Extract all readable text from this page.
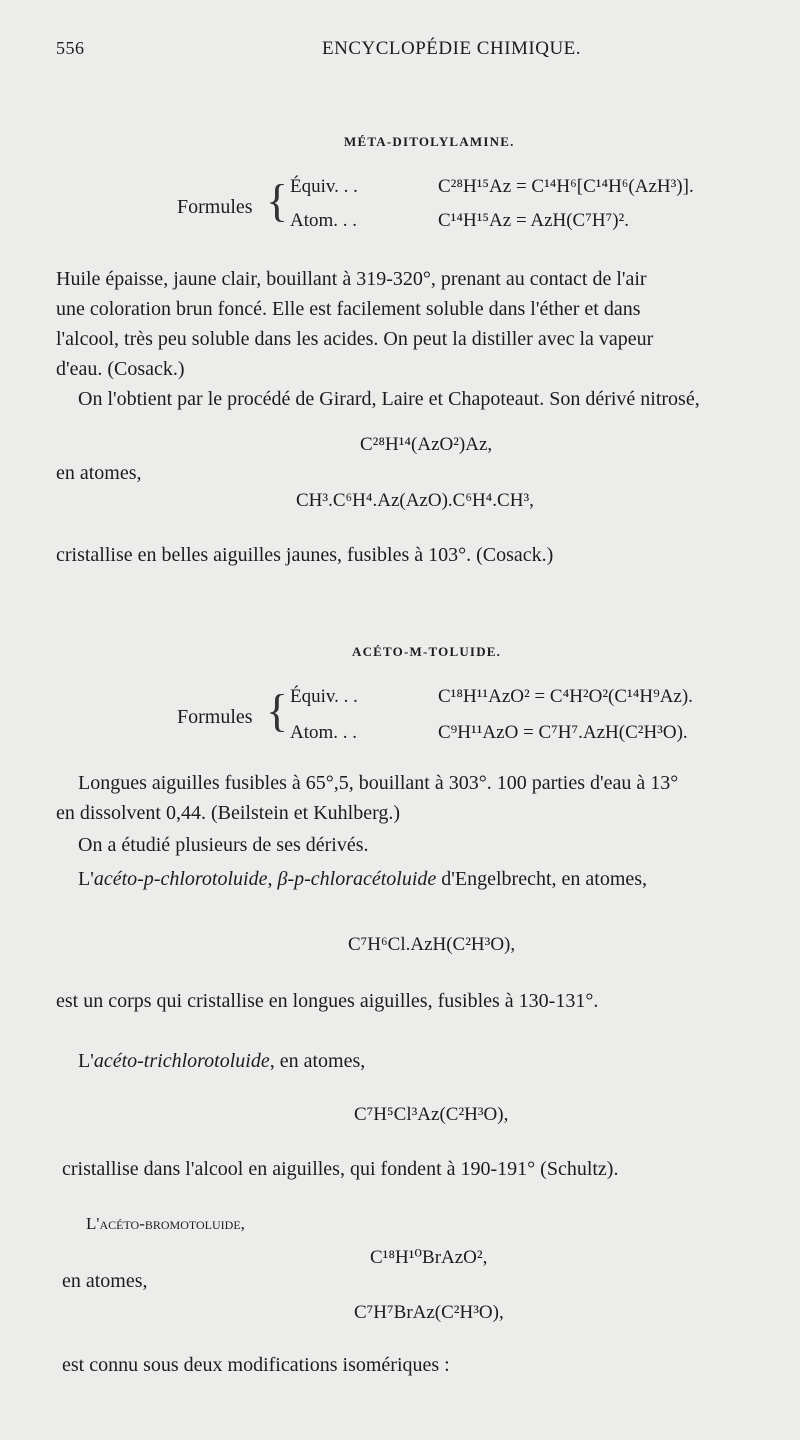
556	ENCYCLOPÉDIE CHIMIQUE.
MÉTA-DITOLYLAMINE.
Formules { Équiv. . .	C²⁸H¹⁵Az = C¹⁴H⁶[C¹⁴H⁶(AzH³)].
Atom. . .	C¹⁴H¹⁵Az = AzH(C⁷H⁷)².
Huile épaisse, jaune clair, bouillant à 319-320°, prenant au contact de l'air
une coloration brun foncé. Elle est facilement soluble dans l'éther et dans
l'alcool, très peu soluble dans les acides. On peut la distiller avec la vapeur
d'eau. (Cosack.)
On l'obtient par le procédé de Girard, Laire et Chapoteaut. Son dérivé nitrosé,
C²⁸H¹⁴(AzO²)Az,
en atomes,
CH³.C⁶H⁴.Az(AzO).C⁶H⁴.CH³,
cristallise en belles aiguilles jaunes, fusibles à 103°. (Cosack.)
ACÉTO-M-TOLUIDE.
Formules { Équiv. . .	C¹⁸H¹¹AzO² = C⁴H²O²(C¹⁴H⁹Az).
Atom. . .	C⁹H¹¹AzO = C⁷H⁷.AzH(C²H³O).
Longues aiguilles fusibles à 65°,5, bouillant à 303°. 100 parties d'eau à 13°
en dissolvent 0,44. (Beilstein et Kuhlberg.)
On a étudié plusieurs de ses dérivés.
L'acéto-p-chlorotoluide, β-p-chloracétoluide d'Engelbrecht, en atomes,
C⁷H⁶Cl.AzH(C²H³O),
est un corps qui cristallise en longues aiguilles, fusibles à 130-131°.
L'acéto-trichlorotoluide, en atomes,
C⁷H⁵Cl³Az(C²H³O),
cristallise dans l'alcool en aiguilles, qui fondent à 190-191° (Schultz).
L'acéto-bromotoluide,
C¹⁸H¹⁰BrAzO²,
en atomes,
C⁷H⁷BrAz(C²H³O),
est connu sous deux modifications isomériques :
